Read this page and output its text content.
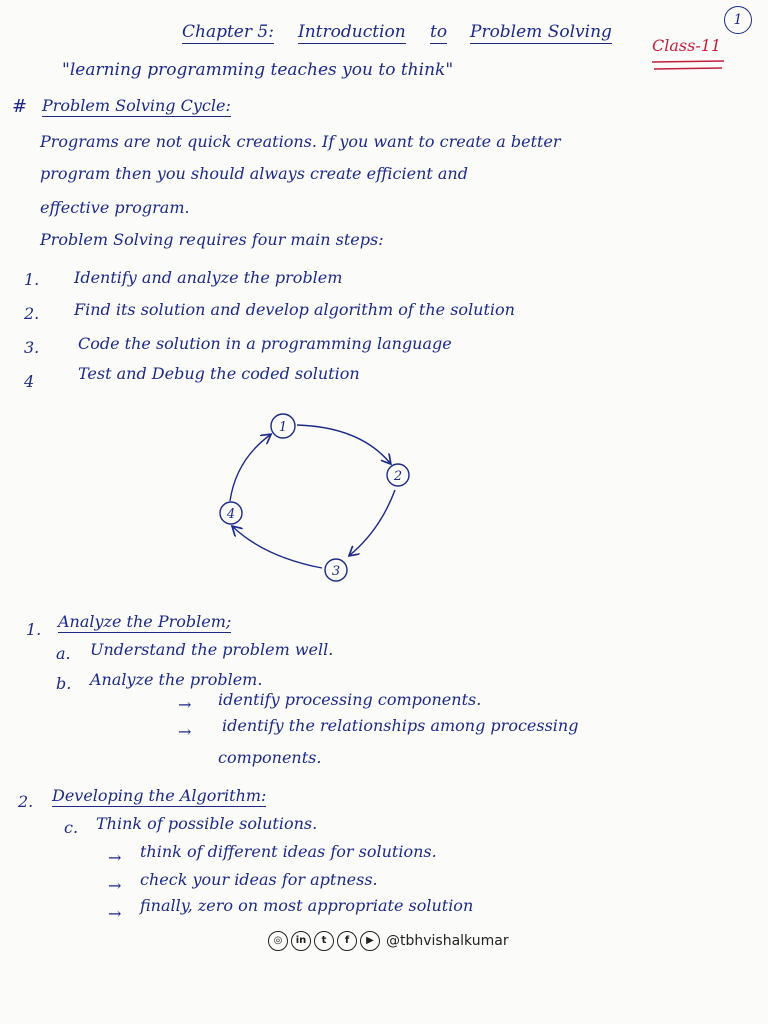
Chapter 5: Introduction to Problem Solving
1
Class-11
"learning programming teaches you to think"
# Problem Solving Cycle:
Programs are not quick creations. If you want to create a better
program then you should always create efficient and
effective program.
Problem Solving requires four main steps:
1. Identify and analyze the problem
2. Find its solution and develop algorithm of the solution
3. Code the solution in a programming language
4	Test and Debug the coded solution
1
2
3
4
1. Analyze the Problem;
a. Understand the problem well.
b. Analyze the problem.
→ identify processing components.
→ identify the relationships among processing
components.
2. Developing the Algorithm:
c. Think of possible solutions.
→ think of different ideas for solutions.
→ check your ideas for aptness.
→ finally, zero on most appropriate solution
◎	in	t	f	▶ @tbhvishalkumar
